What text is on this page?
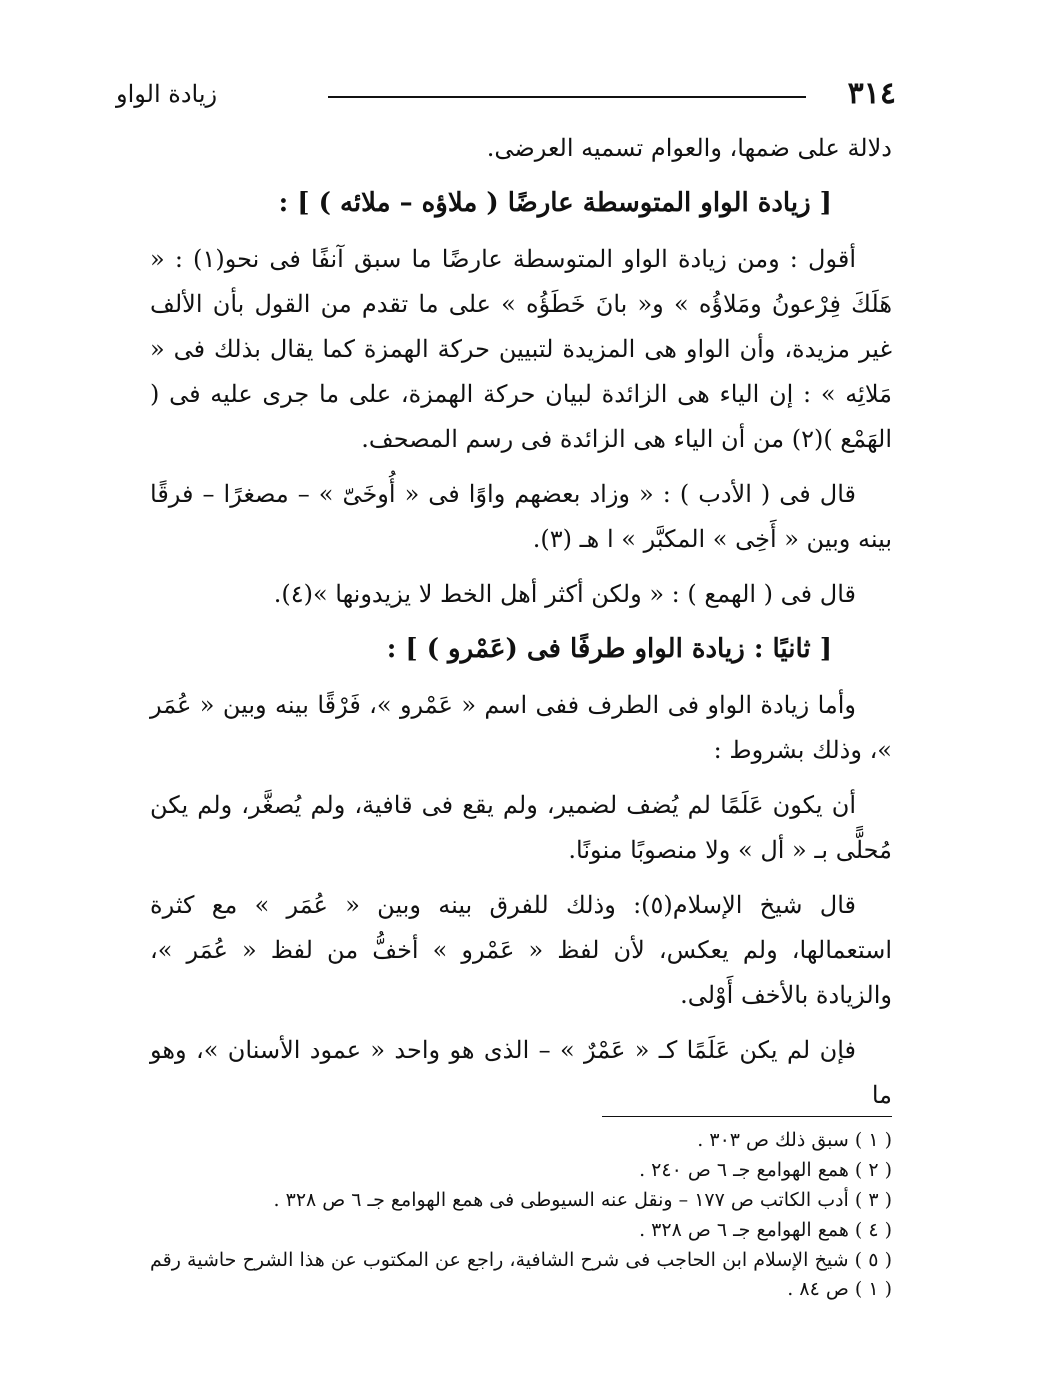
٣١٤
زيادة الواو

دلالة على ضمها، والعوام تسميه العرضى.

[ زيادة الواو المتوسطة عارضًا ( ملاؤه – ملائه ) ] :

أقول : ومن زيادة الواو المتوسطة عارضًا ما سبق آنفًا فى نحو(١) : « هَلَكَ فِرْعونُ ومَلاؤُه » و« بانَ خَطَؤُه » على ما تقدم من القول بأن الألف غير مزيدة، وأن الواو هى المزيدة لتبيين حركة الهمزة كما يقال بذلك فى « مَلائِه » : إن الياء هى الزائدة لبيان حركة الهمزة، على ما جرى عليه فى ( الهَمْع )(٢) من أن الياء هى الزائدة فى رسم المصحف.

قال فى ( الأدب ) : « وزاد بعضهم واوًا فى « أُوخَىّ » – مصغرًا – فرقًا بينه وبين « أَخِى » المكبَّر » ا هـ (٣).

قال فى ( الهمع ) : « ولكن أكثر أهل الخط لا يزيدونها »(٤).

[ ثانيًا : زيادة الواو طرفًا فى (عَمْرو ) ] :

وأما زيادة الواو فى الطرف ففى اسم « عَمْرو »، فَرْقًا بينه وبين « عُمَر »، وذلك بشروط :

أن يكون عَلَمًا لم يُضف لضمير، ولم يقع فى قافية، ولم يُصغَّر، ولم يكن مُحلًّى بـ « أل » ولا منصوبًا منونًا.

قال شيخ الإسلام(٥): وذلك للفرق بينه وبين « عُمَر » مع كثرة استعمالها، ولم يعكس، لأن لفظ « عَمْرو » أخفُّ من لفظ « عُمَر »، والزيادة بالأخف أَوْلى.

فإن لم يكن عَلَمًا كـ « عَمْرٌ » – الذى هو واحد « عمود الأسنان »، وهو ما

( ١ ) سبق ذلك ص ٣٠٣ .

( ٢ ) همع الهوامع جـ ٦ ص ٢٤٠ .

( ٣ ) أدب الكاتب ص ١٧٧ – ونقل عنه السيوطى فى همع الهوامع جـ ٦ ص ٣٢٨ .

( ٤ ) همع الهوامع جـ ٦ ص ٣٢٨ .

( ٥ ) شيخ الإسلام ابن الحاجب فى شرح الشافية، راجع عن المكتوب عن هذا الشرح حاشية رقم ( ١ ) ص ٨٤ .
